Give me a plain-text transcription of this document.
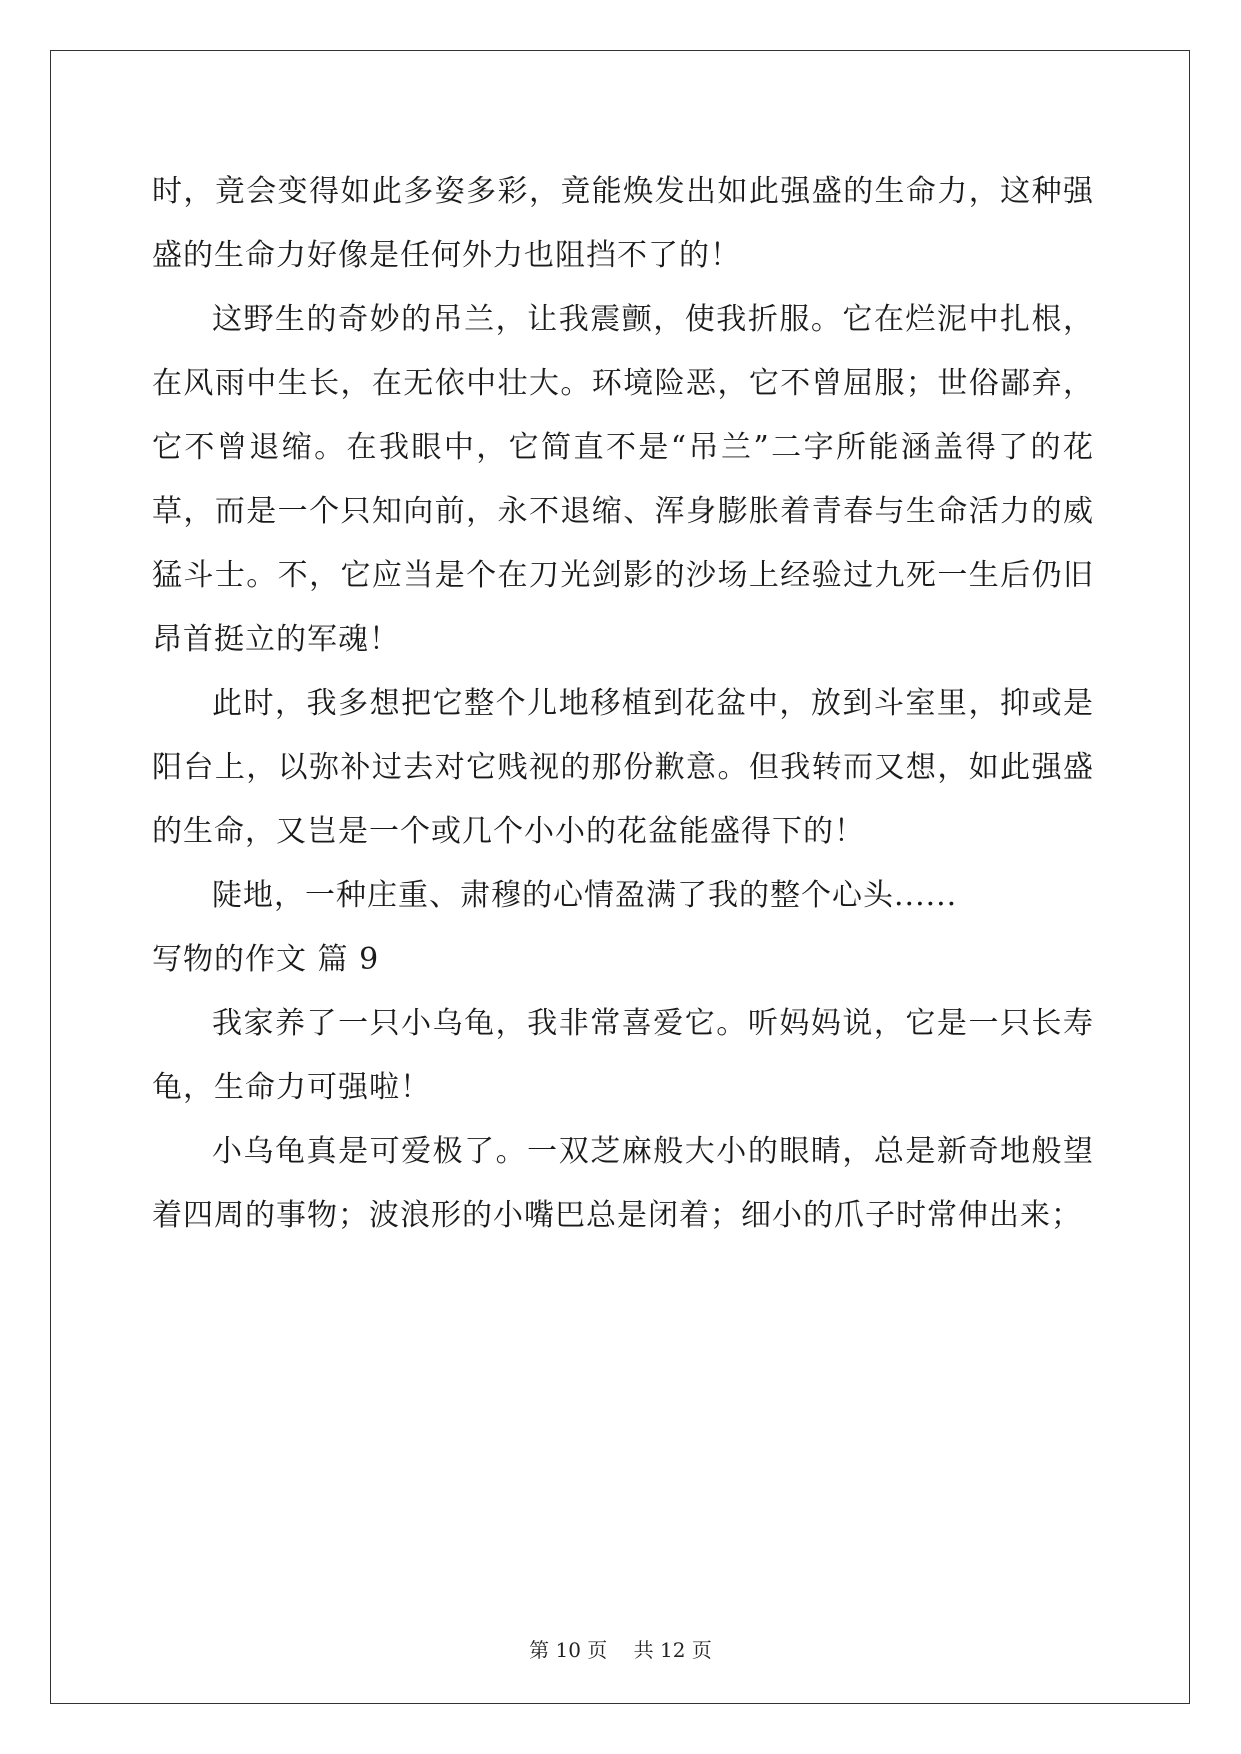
时，竟会变得如此多姿多彩，竟能焕发出如此强盛的生命力，这种强盛的生命力好像是任何外力也阻挡不了的！

这野生的奇妙的吊兰，让我震颤，使我折服。它在烂泥中扎根，在风雨中生长，在无依中壮大。环境险恶，它不曾屈服；世俗鄙弃，它不曾退缩。在我眼中，它简直不是“吊兰”二字所能涵盖得了的花草，而是一个只知向前，永不退缩、浑身膨胀着青春与生命活力的威猛斗士。不，它应当是个在刀光剑影的沙场上经验过九死一生后仍旧昂首挺立的军魂！

此时，我多想把它整个儿地移植到花盆中，放到斗室里，抑或是阳台上，以弥补过去对它贱视的那份歉意。但我转而又想，如此强盛的生命，又岂是一个或几个小小的花盆能盛得下的！

陡地，一种庄重、肃穆的心情盈满了我的整个心头......

写物的作文 篇 9

我家养了一只小乌龟，我非常喜爱它。听妈妈说，它是一只长寿龟，生命力可强啦！

小乌龟真是可爱极了。一双芝麻般大小的眼睛，总是新奇地般望着四周的事物；波浪形的小嘴巴总是闭着；细小的爪子时常伸出来；

第 10 页 共 12 页
